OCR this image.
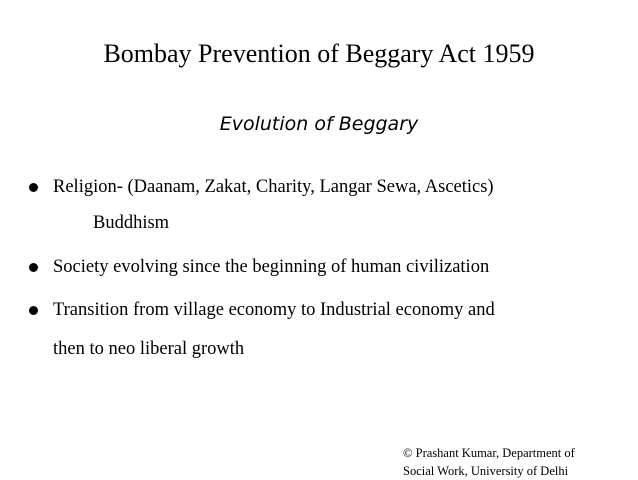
Bombay Prevention of Beggary Act 1959
Evolution of Beggary
Religion- (Daanam, Zakat, Charity, Langar Sewa, Ascetics)
Buddhism
Society evolving since the beginning of human civilization
Transition from village economy to Industrial economy and
then to neo liberal growth
© Prashant Kumar, Department of
Social Work, University of Delhi
